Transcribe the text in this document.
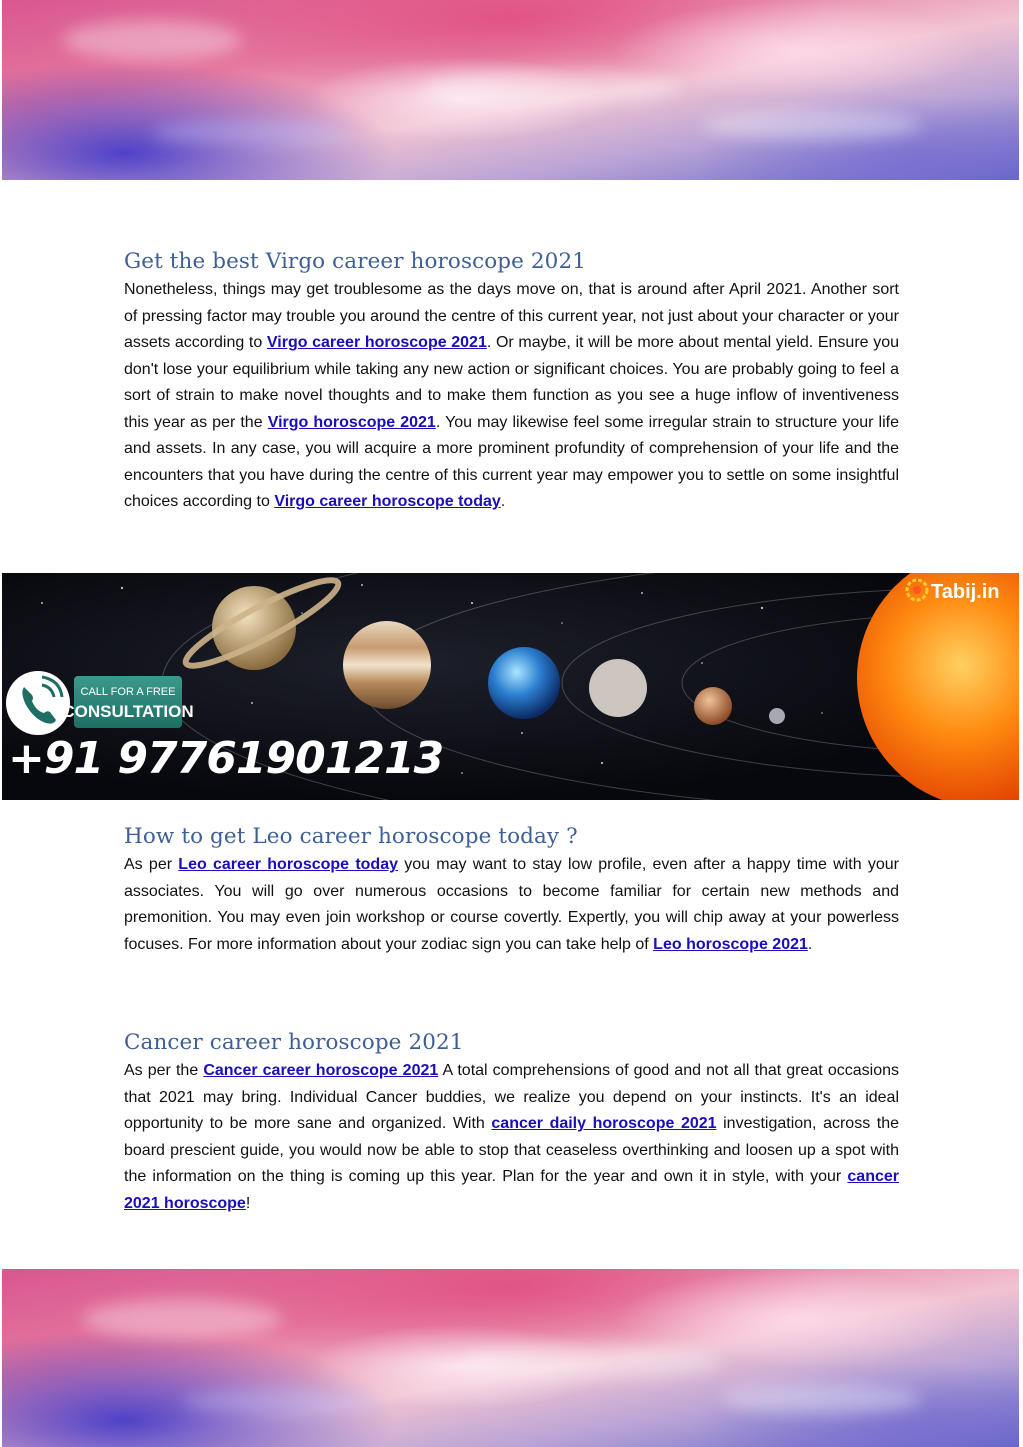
Get the best Virgo career horoscope 2021

Nonetheless, things may get troublesome as the days move on, that is around after April 2021. Another sort of pressing factor may trouble you around the centre of this current year, not just about your character or your assets according to Virgo career horoscope 2021. Or maybe, it will be more about mental yield. Ensure you don't lose your equilibrium while taking any new action or significant choices. You are probably going to feel a sort of strain to make novel thoughts and to make them function as you see a huge inflow of inventiveness this year as per the Virgo horoscope 2021. You may likewise feel some irregular strain to structure your life and assets. In any case, you will acquire a more prominent profundity of comprehension of your life and the encounters that you have during the centre of this current year may empower you to settle on some insightful choices according to Virgo career horoscope today.

CALL FOR A FREE
CONSULTATION
+91 9776190121​3
Tabij.in
How to get Leo career horoscope today ?

As per Leo career horoscope today you may want to stay low profile, even after a happy time with your associates. You will go over numerous occasions to become familiar for certain new methods and premonition. You may even join workshop or course covertly. Expertly, you will chip away at your powerless focuses. For more information about your zodiac sign you can take help of Leo horoscope 2021.

Cancer career horoscope 2021

As per the Cancer career horoscope 2021 A total comprehensions of good and not all that great occasions that 2021 may bring. Individual Cancer buddies, we realize you depend on your instincts. It's an ideal opportunity to be more sane and organized. With cancer daily horoscope 2021 investigation, across the board prescient guide, you would now be able to stop that ceaseless overthinking and loosen up a spot with the information on the thing is coming up this year. Plan for the year and own it in style, with your cancer 2021 horoscope!
